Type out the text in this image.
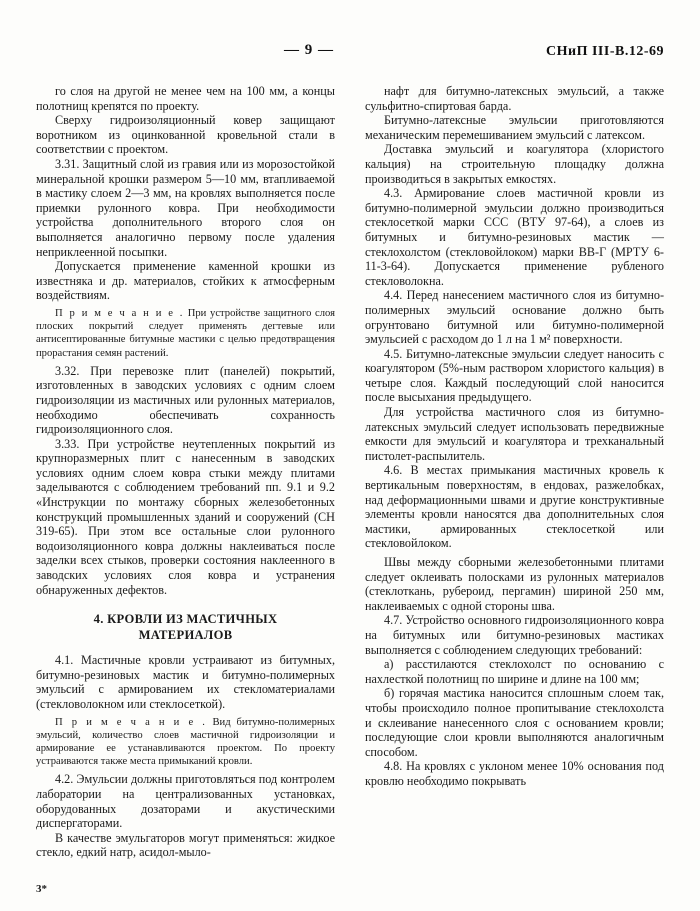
— 9 —	СНиП III-В.12-69

го слоя на другой не менее чем на 100 мм, а концы полотнищ крепятся по проекту.

Сверху гидроизоляционный ковер защищают воротником из оцинкованной кровельной стали в соответствии с проектом.

3.31. Защитный слой из гравия или из морозостойкой минеральной крошки размером 5—10 мм, втапливаемой в мастику слоем 2—3 мм, на кровлях выполняется после приемки рулонного ковра. При необходимости устройства дополнительного второго слоя он выполняется аналогично первому после удаления неприклеенной посыпки.

Допускается применение каменной крошки из известняка и др. материалов, стойких к атмосферным воздействиям.

П р и м е ч а н и е . При устройстве защитного слоя плоских покрытий следует применять дегтевые или антисептированные битумные мастики с целью предотвращения прорастания семян растений.

3.32. При перевозке плит (панелей) покрытий, изготовленных в заводских условиях с одним слоем гидроизоляции из мастичных или рулонных материалов, необходимо обеспечивать сохранность гидроизоляционного слоя.

3.33. При устройстве неутепленных покрытий из крупноразмерных плит с нанесенным в заводских условиях одним слоем ковра стыки между плитами заделываются с соблюдением требований пп. 9.1 и 9.2 «Инструкции по монтажу сборных железобетонных конструкций промышленных зданий и сооружений (СН 319-65). При этом все остальные слои рулонного водоизоляционного ковра должны наклеиваться после заделки всех стыков, проверки состояния наклеенного в заводских условиях слоя ковра и устранения обнаруженных дефектов.

4. КРОВЛИ ИЗ МАСТИЧНЫХ
МАТЕРИАЛОВ

4.1. Мастичные кровли устраивают из битумных, битумно-резиновых мастик и битумно-полимерных эмульсий с армированием их стекломатериалами (стекловолокном или стеклосеткой).

П р и м е ч а н и е . Вид битумно-полимерных эмульсий, количество слоев мастичной гидроизоляции и армирование ее устанавливаются проектом. По проекту устраиваются также места примыканий кровли.

4.2. Эмульсии должны приготовляться под контролем лаборатории на централизованных установках, оборудованных дозаторами и акустическими диспергаторами.

В качестве эмульгаторов могут применяться: жидкое стекло, едкий натр, асидол-мыло-

нафт для битумно-латексных эмульсий, а также сульфитно-спиртовая барда.

Битумно-латексные эмульсии приготовляются механическим перемешиванием эмульсий с латексом.

Доставка эмульсий и коагулятора (хлористого кальция) на строительную площадку должна производиться в закрытых емкостях.

4.3. Армирование слоев мастичной кровли из битумно-полимерной эмульсии должно производиться стеклосеткой марки ССС (ВТУ 97-64), а слоев из битумных и битумно-резиновых мастик — стеклохолстом (стекловойлоком) марки ВВ-Г (МРТУ 6-11-3-64). Допускается применение рубленого стекловолокна.

4.4. Перед нанесением мастичного слоя из битумно-полимерных эмульсий основание должно быть огрунтовано битумной или битумно-полимерной эмульсией с расходом до 1 л на 1 м² поверхности.

4.5. Битумно-латексные эмульсии следует наносить с коагулятором (5%-ным раствором хлористого кальция) в четыре слоя. Каждый последующий слой наносится после высыхания предыдущего.

Для устройства мастичного слоя из битумно-латексных эмульсий следует использовать передвижные емкости для эмульсий и коагулятора и трехканальный пистолет-распылитель.

4.6. В местах примыкания мастичных кровель к вертикальным поверхностям, в ендовах, разжелобках, над деформационными швами и другие конструктивные элементы кровли наносятся два дополнительных слоя мастики, армированных стеклосеткой или стекловойлоком.

Швы между сборными железобетонными плитами следует оклеивать полосками из рулонных материалов (стеклоткань, рубероид, пергамин) шириной 250 мм, наклеиваемых с одной стороны шва.

4.7. Устройство основного гидроизоляционного ковра на битумных или битумно-резиновых мастиках выполняется с соблюдением следующих требований:

а) расстилаются стеклохолст по основанию с нахлесткой полотнищ по ширине и длине на 100 мм;

б) горячая мастика наносится сплошным слоем так, чтобы происходило полное пропитывание стеклохолста и склеивание нанесенного слоя с основанием кровли; последующие слои кровли выполняются аналогичным способом.

4.8. На кровлях с уклоном менее 10% основания под кровлю необходимо покрывать

3*
